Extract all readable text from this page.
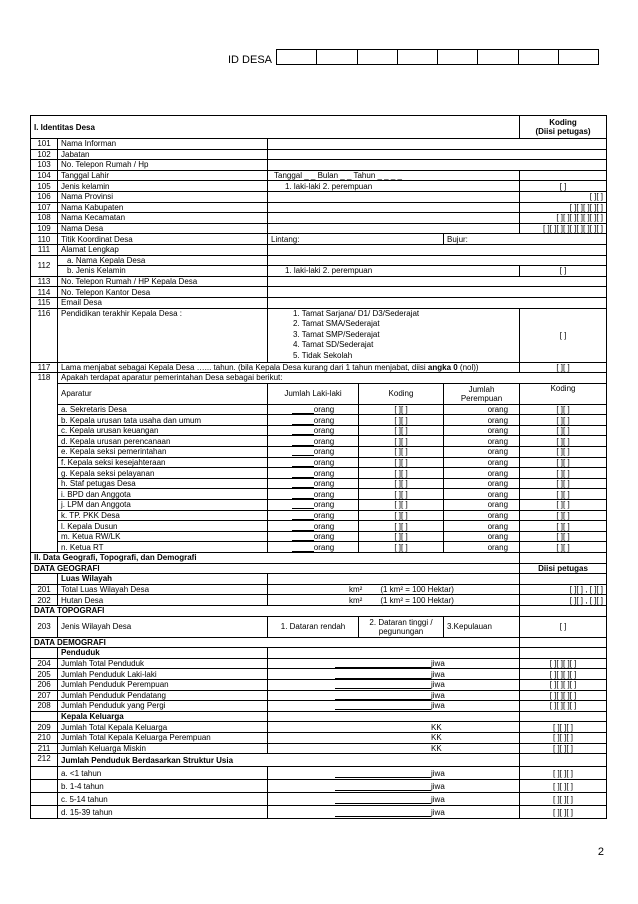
ID DESA
I. Identitas Desa					Koding
(Diisi petugas)
101	Nama Informan				
102	Jabatan				
103	No. Telepon Rumah / Hp				
104	Tanggal Lahir	Tanggal _ _ Bulan _ _ Tahun _ _ _ _			
105	Jenis kelamin	1. laki-laki 2. perempuan			[ ]
106	Nama Provinsi				[ ][ ]
107	Nama Kabupaten				[ ][ ][ ][ ][ ]
108	Nama Kecamatan				[ ][ ][ ][ ][ ][ ][ ]
109	Nama Desa				[ ][ ][ ][ ][ ][ ][ ][ ][ ]
110	Titik Koordinat Desa	Lintang:		Bujur:	
111	Alamat Lengkap				
112	a. Nama Kepala Desa				
	b. Jenis Kelamin	1. laki-laki 2. perempuan			[ ]
113	No. Telepon Rumah / HP Kepala Desa				
114	No. Telepon Kantor Desa				
115	Email Desa				
116	Pendidikan terakhir Kepala Desa :	1. Tamat Sarjana/ D1/ D3/Sederajat
2. Tamat SMA/Sederajat
3. Tamat SMP/Sederajat
4. Tamat SD/Sederajat
5. Tidak Sekolah			[ ]
117	Lama menjabat sebagai Kepala Desa …... tahun. (bila Kepala Desa kurang dari 1 tahun menjabat, diisi angka 0 (nol))				[ ][ ]
118	Apakah terdapat aparatur pemerintahan Desa sebagai berikut:				
	Aparatur	Jumlah Laki-laki	Koding	Jumlah Perempuan	Koding
	a. Sekretaris Desa	orang	[ ][ ]	orang	[ ][ ]
	b. Kepala urusan tata usaha dan umum	orang	[ ][ ]	orang	[ ][ ]
	c. Kepala urusan keuangan	orang	[ ][ ]	orang	[ ][ ]
	d. Kepala urusan perencanaan	orang	[ ][ ]	orang	[ ][ ]
	e. Kepala seksi pemerintahan	orang	[ ][ ]	orang	[ ][ ]
	f. Kepala seksi kesejahteraan	orang	[ ][ ]	orang	[ ][ ]
	g. Kepala seksi pelayanan	orang	[ ][ ]	orang	[ ][ ]
	h. Staf petugas Desa	orang	[ ][ ]	orang	[ ][ ]
	i. BPD dan Anggota	orang	[ ][ ]	orang	[ ][ ]
	j. LPM dan Anggota	orang	[ ][ ]	orang	[ ][ ]
	k. TP. PKK Desa	orang	[ ][ ]	orang	[ ][ ]
	l. Kepala Dusun	orang	[ ][ ]	orang	[ ][ ]
	m. Ketua RW/LK	orang	[ ][ ]	orang	[ ][ ]
	n. Ketua RT	orang	[ ][ ]	orang	[ ][ ]
II. Data Geografi, Topografi, dan Demografi					
DATA GEOGRAFI					Diisi petugas
	Luas Wilayah				
201	Total Luas Wilayah Desa	km² (1 km² = 100 Hektar)			[ ][ ] , [ ][ ]
202	Hutan Desa	km² (1 km² = 100 Hektar)			[ ][ ] , [ ][ ]
DATA TOPOGRAFI					
203	Jenis Wilayah Desa	1. Dataran rendah	2. Dataran tinggi / pegunungan	3.Kepulauan	[ ]
DATA DEMOGRAFI					
	Penduduk				
204	Jumlah Total Penduduk	jiwa			[ ][ ][ ][ ]
205	Jumlah Penduduk Laki-laki	jiwa			[ ][ ][ ][ ]
206	Jumlah Penduduk Perempuan	jiwa			[ ][ ][ ][ ]
207	Jumlah Penduduk Pendatang	jiwa			[ ][ ][ ][ ]
208	Jumlah Penduduk yang Pergi	jiwa			[ ][ ][ ][ ]
	Kepala Keluarga				
209	Jumlah Total Kepala Keluarga	KK			[ ][ ][ ]
210	Jumlah Total Kepala Keluarga Perempuan	KK			[ ][ ][ ]
211	Jumlah Keluarga Miskin	KK			[ ][ ][ ]
212	Jumlah Penduduk Berdasarkan Struktur Usia				
	a. <1 tahun	jiwa			[ ][ ][ ]
	b. 1-4 tahun	jiwa			[ ][ ][ ]
	c. 5-14 tahun	jiwa			[ ][ ][ ]
	d. 15-39 tahun	jiwa			[ ][ ][ ]
2
